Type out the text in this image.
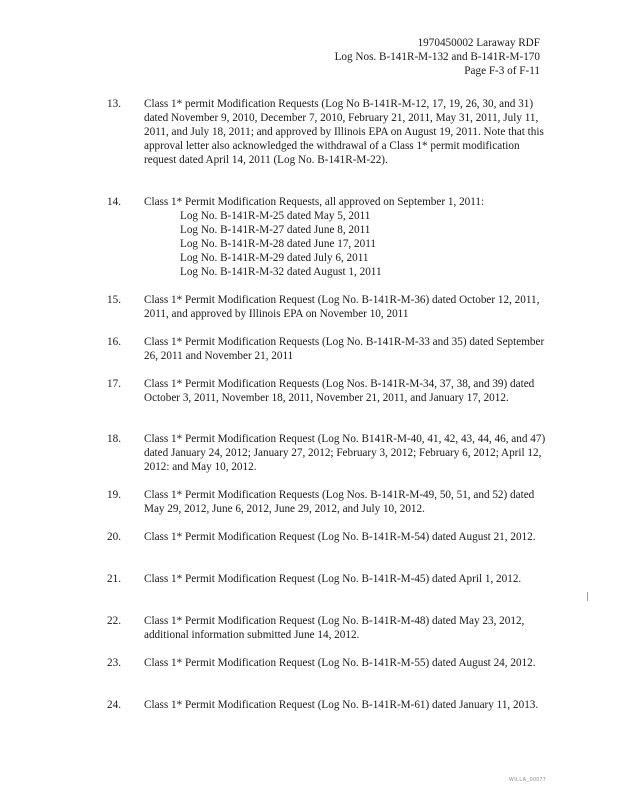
1970450002 Laraway RDF
Log Nos. B-141R-M-132 and B-141R-M-170
Page F-3 of F-11
13.	Class 1* permit Modification Requests (Log No B-141R-M-12, 17, 19, 26, 30, and 31) dated November 9, 2010, December 7, 2010, February 21, 2011, May 31, 2011, July 11, 2011, and July 18, 2011; and approved by Illinois EPA on August 19, 2011. Note that this approval letter also acknowledged the withdrawal of a Class 1* permit modification request dated April 14, 2011 (Log No. B-141R-M-22).
14.	Class 1* Permit Modification Requests, all approved on September 1, 2011:
Log No. B-141R-M-25 dated May 5, 2011
Log No. B-141R-M-27 dated June 8, 2011
Log No. B-141R-M-28 dated June 17, 2011
Log No. B-141R-M-29 dated July 6, 2011
Log No. B-141R-M-32 dated August 1, 2011
15.	Class 1* Permit Modification Request (Log No. B-141R-M-36) dated October 12, 2011, 2011, and approved by Illinois EPA on November 10, 2011
16.	Class 1* Permit Modification Requests (Log No. B-141R-M-33 and 35) dated September 26, 2011 and November 21, 2011
17.	Class 1* Permit Modification Requests (Log Nos. B-141R-M-34, 37, 38, and 39) dated October 3, 2011, November 18, 2011, November 21, 2011, and January 17, 2012.
18.	Class 1* Permit Modification Request (Log No. B141R-M-40, 41, 42, 43, 44, 46, and 47) dated January 24, 2012; January 27, 2012; February 3, 2012; February 6, 2012; April 12, 2012: and May 10, 2012.
19.	Class 1* Permit Modification Requests (Log Nos. B-141R-M-49, 50, 51, and 52) dated May 29, 2012, June 6, 2012, June 29, 2012, and July 10, 2012.
20.	Class 1* Permit Modification Request (Log No. B-141R-M-54) dated August 21, 2012.
21.	Class 1* Permit Modification Request (Log No. B-141R-M-45) dated April 1, 2012.
22.	Class 1* Permit Modification Request (Log No. B-141R-M-48) dated May 23, 2012, additional information submitted June 14, 2012.
23.	Class 1* Permit Modification Request (Log No. B-141R-M-55) dated August 24, 2012.
24.	Class 1* Permit Modification Request (Log No. B-141R-M-61) dated January 11, 2013.
WILLA_00077
